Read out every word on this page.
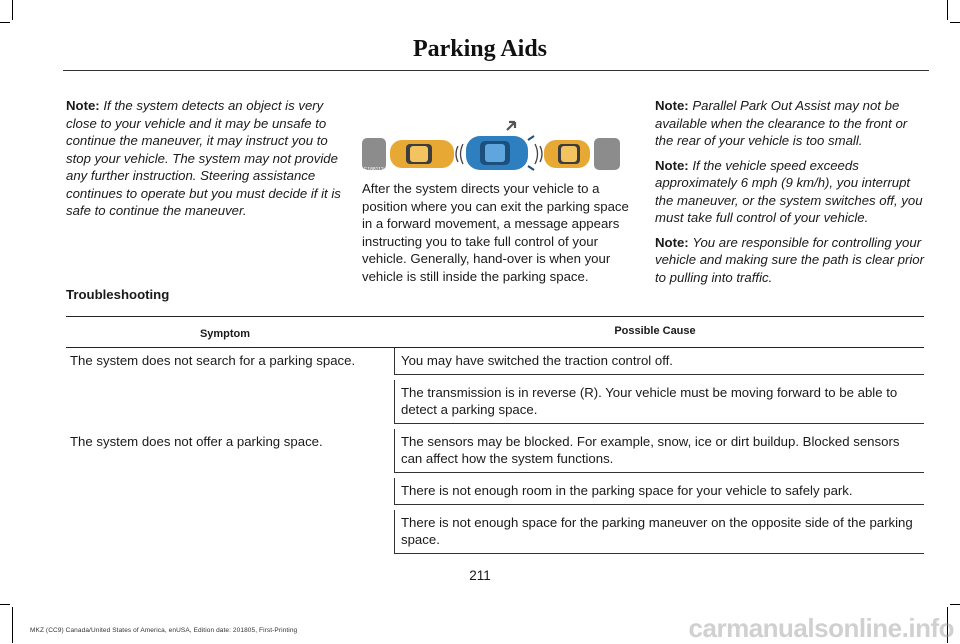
Parking Aids

Note: If the system detects an object is very close to your vehicle and it may be unsafe to continue the maneuver, it may instruct you to stop your vehicle. The system may not provide any further instruction. Steering assistance continues to operate but you must decide if it is safe to continue the maneuver.

E188112
After the system directs your vehicle to a position where you can exit the parking space in a forward movement, a message appears instructing you to take full control of your vehicle. Generally, hand-over is when your vehicle is still inside the parking space.

Note: Parallel Park Out Assist may not be available when the clearance to the front or the rear of your vehicle is too small.

Note: If the vehicle speed exceeds approximately 6 mph (9 km/h), you interrupt the maneuver, or the system switches off, you must take full control of your vehicle.

Note: You are responsible for controlling your vehicle and making sure the path is clear prior to pulling into traffic.

Troubleshooting
Symptom	Possible Cause
The system does not search for a parking space.	You may have switched the traction control off.
The transmission is in reverse (R). Your vehicle must be moving forward to be able to detect a parking space.

The system does not offer a parking space.	The sensors may be blocked. For example, snow, ice or dirt buildup. Blocked sensors can affect how the system functions.
There is not enough room in the parking space for your vehicle to safely park.
There is not enough space for the parking maneuver on the opposite side of the parking space.
211
MKZ (CC9) Canada/United States of America, enUSA, Edition date: 201805, First-Printing	carmanualsonline.info
